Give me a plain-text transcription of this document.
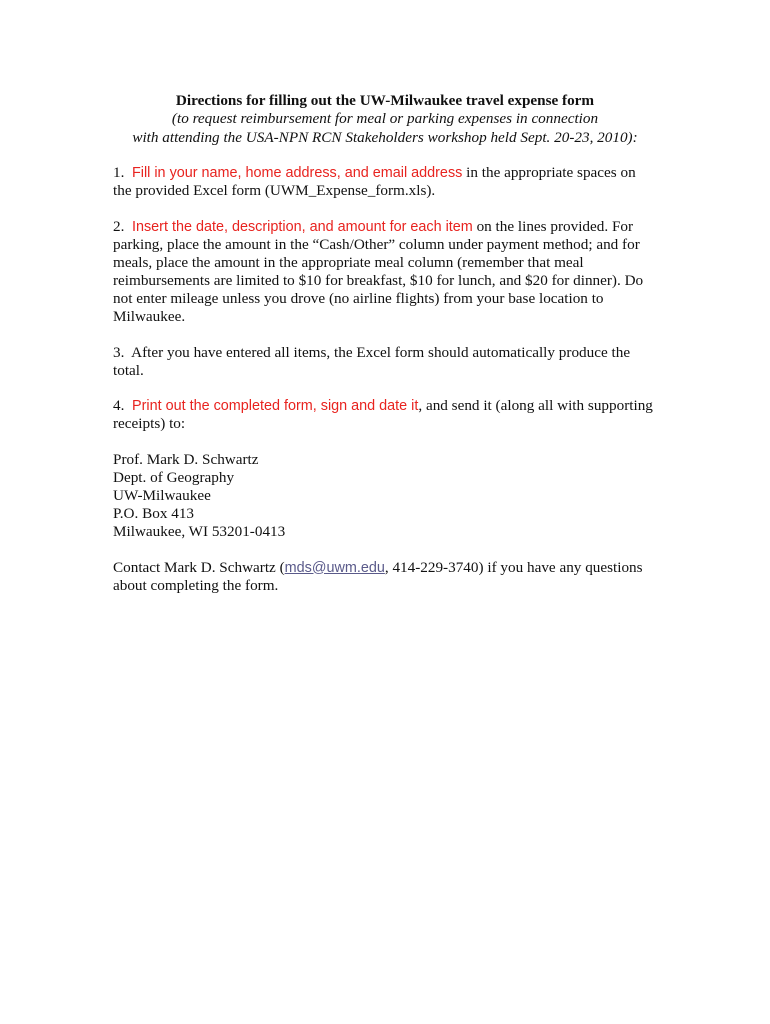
Directions for filling out the UW-Milwaukee travel expense form

(to request reimbursement for meal or parking expenses in connection

with attending the USA-NPN RCN Stakeholders workshop held Sept. 20-23, 2010):

1. Fill in your name, home address, and email address in the appropriate spaces on the provided Excel form (UWM_Expense_form.xls).

2. Insert the date, description, and amount for each item on the lines provided. For parking, place the amount in the “Cash/Other” column under payment method; and for meals, place the amount in the appropriate meal column (remember that meal reimbursements are limited to $10 for breakfast, $10 for lunch, and $20 for dinner). Do not enter mileage unless you drove (no airline flights) from your base location to Milwaukee.

3. After you have entered all items, the Excel form should automatically produce the total.

4. Print out the completed form, sign and date it, and send it (along all with supporting receipts) to:

Prof. Mark D. Schwartz
Dept. of Geography
UW-Milwaukee
P.O. Box 413
Milwaukee, WI 53201-0413

Contact Mark D. Schwartz (mds@uwm.edu, 414-229-3740) if you have any questions about completing the form.
